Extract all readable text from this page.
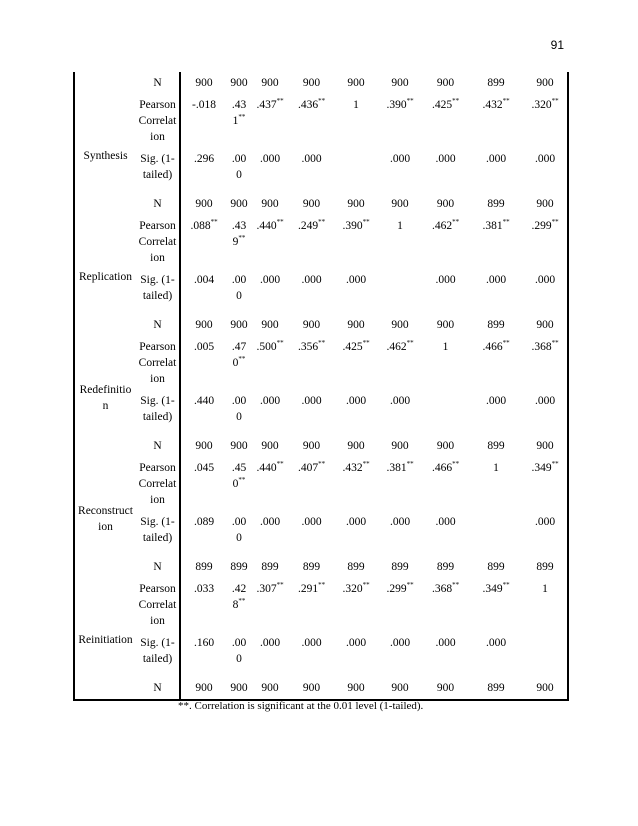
91
	N	900	900	900	900	900	900	900	899	900
Synthesis	Pearson Correlation	-.018	.431**	.437**	.436**	1	.390**	.425**	.432**	.320**
	Sig. (1-tailed)	.296	.000	.000	.000		.000	.000	.000	.000
	N	900	900	900	900	900	900	900	899	900
Replication	Pearson Correlation	.088**	.439**	.440**	.249**	.390**	1	.462**	.381**	.299**
	Sig. (1-tailed)	.004	.000	.000	.000	.000		.000	.000	.000
	N	900	900	900	900	900	900	900	899	900
Redefinition	Pearson Correlation	.005	.470**	.500**	.356**	.425**	.462**	1	.466**	.368**
	Sig. (1-tailed)	.440	.000	.000	.000	.000	.000		.000	.000
	N	900	900	900	900	900	900	900	899	900
Reconstruction	Pearson Correlation	.045	.450**	.440**	.407**	.432**	.381**	.466**	1	.349**
	Sig. (1-tailed)	.089	.000	.000	.000	.000	.000	.000		.000
	N	899	899	899	899	899	899	899	899	899
Reinitiation	Pearson Correlation	.033	.428**	.307**	.291**	.320**	.299**	.368**	.349**	1
	Sig. (1-tailed)	.160	.000	.000	.000	.000	.000	.000	.000	
	N	900	900	900	900	900	900	900	899	900
**. Correlation is significant at the 0.01 level (1-tailed).
